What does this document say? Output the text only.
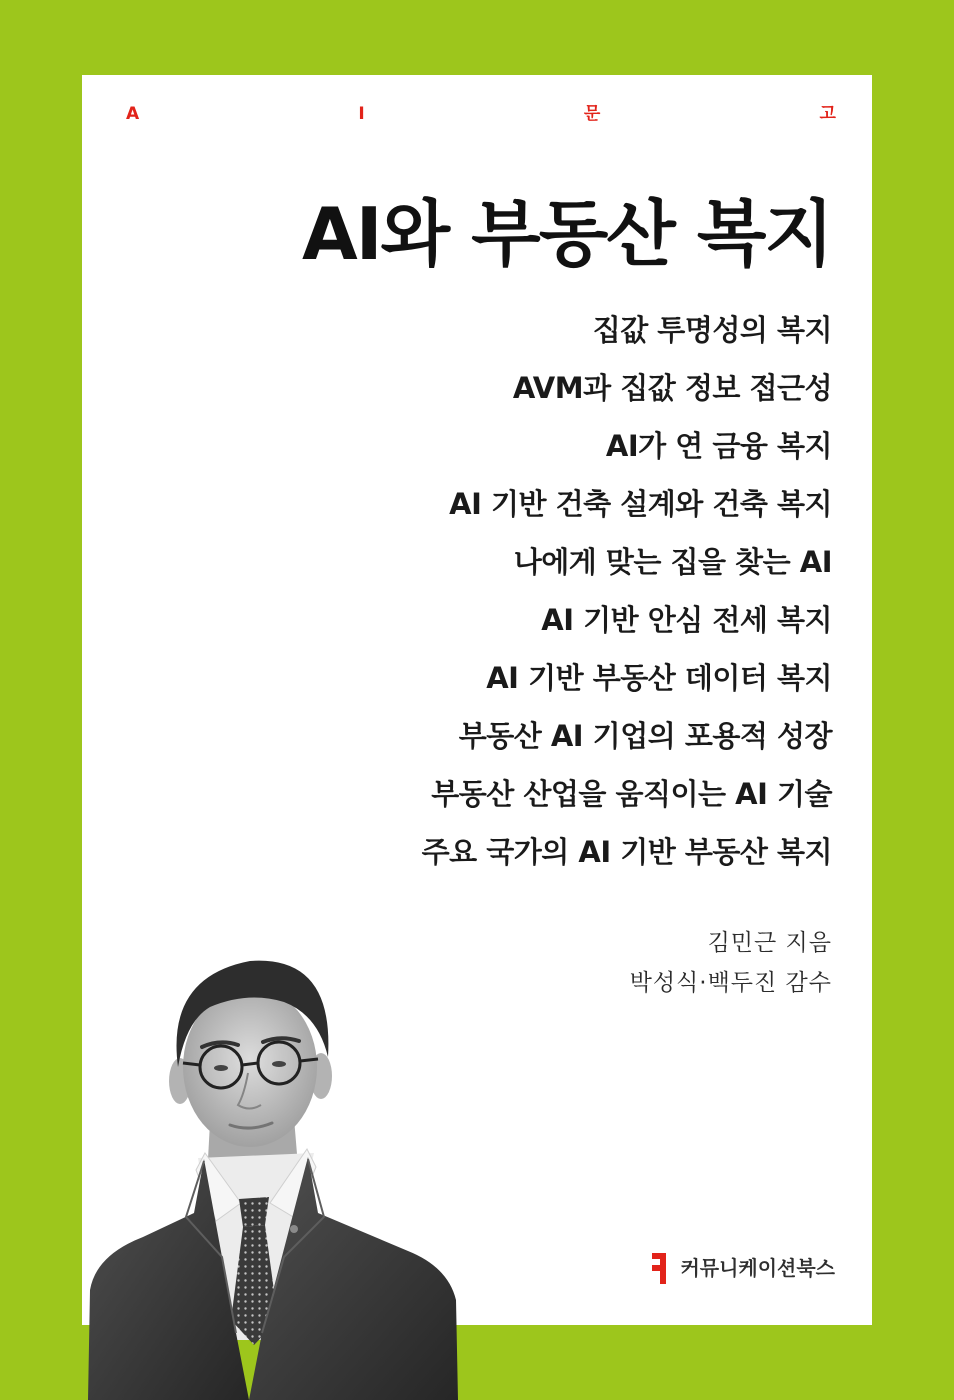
A	I	문	고
AI와 부동산 복지
집값 투명성의 복지
AVM과 집값 정보 접근성
AI가 연 금융 복지
AI 기반 건축 설계와 건축 복지
나에게 맞는 집을 찾는 AI
AI 기반 안심 전세 복지
AI 기반 부동산 데이터 복지
부동산 AI 기업의 포용적 성장
부동산 산업을 움직이는 AI 기술
주요 국가의 AI 기반 부동산 복지
김민근 지음
박성식·백두진 감수
커뮤니케이션북스
